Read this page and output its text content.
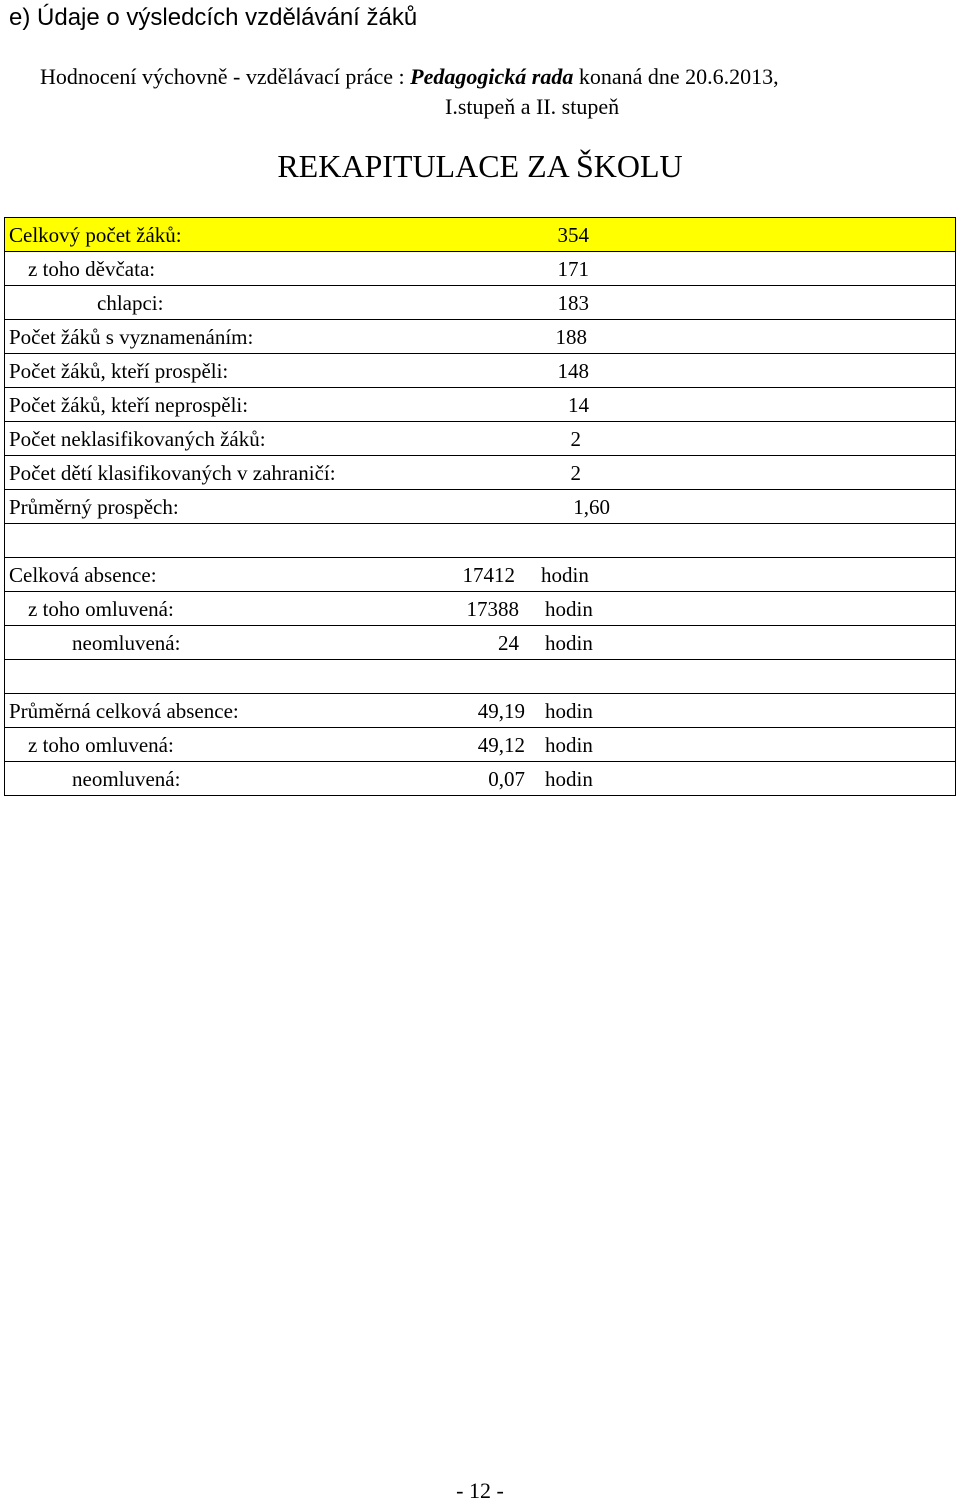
e) Údaje o výsledcích vzdělávání žáků
Hodnocení výchovně - vzdělávací práce : Pedagogická rada konaná dne 20.6.2013,
I.stupeň a II. stupeň
REKAPITULACE ZA ŠKOLU
Celkový počet žáků:	354

z toho děvčata:	171

chlapci:	183

Počet žáků s vyznamenáním:	188

Počet žáků, kteří prospěli:	148

Počet žáků, kteří neprospěli:	14

Počet neklasifikovaných žáků:	2

Počet dětí klasifikovaných v zahraničí:	2

Průměrný prospěch:	1,60

Celková absence:	17412 hodin

z toho omluvená:	17388 hodin

neomluvená:	24 hodin

Průměrná celková absence:	49,19 hodin

z toho omluvená:	49,12 hodin

neomluvená:	0,07 hodin
- 12 -
